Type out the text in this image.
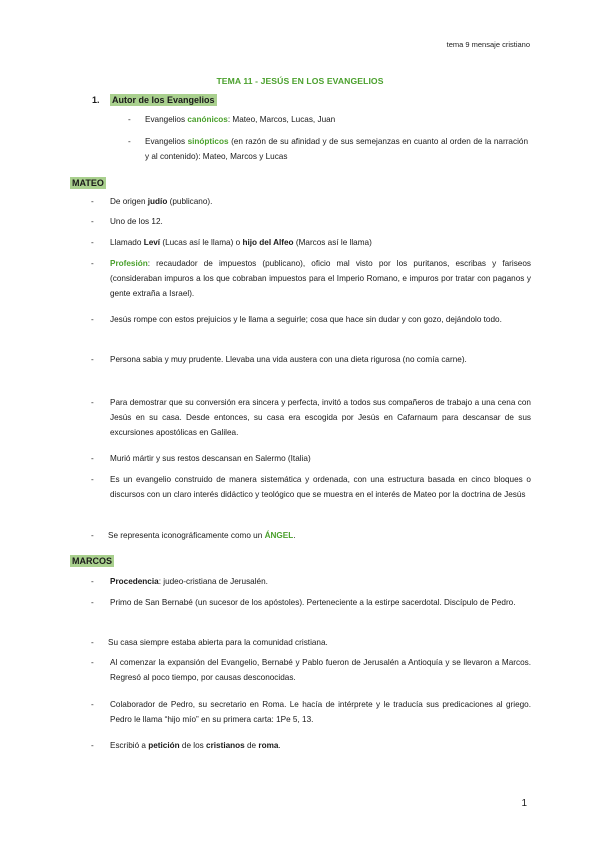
tema 9 mensaje cristiano
TEMA 11 - JESÚS EN LOS EVANGELIOS
1. Autor de los Evangelios
- Evangelios canónicos: Mateo, Marcos, Lucas, Juan
- Evangelios sinópticos (en razón de su afinidad y de sus semejanzas en cuanto al orden de la narración y al contenido): Mateo, Marcos y Lucas
MATEO
- De origen judío (publicano).
- Uno de los 12.
- Llamado Leví (Lucas así le llama) o hijo del Alfeo (Marcos así le llama)
- Profesión: recaudador de impuestos (publicano), oficio mal visto por los puritanos, escribas y fariseos (consideraban impuros a los que cobraban impuestos para el Imperio Romano, e impuros por tratar con paganos y gente extraña a Israel).
- Jesús rompe con estos prejuicios y le llama a seguirle; cosa que hace sin dudar y con gozo, dejándolo todo.
- Persona sabia y muy prudente. Llevaba una vida austera con una dieta rigurosa (no comía carne).
- Para demostrar que su conversión era sincera y perfecta, invitó a todos sus compañeros de trabajo a una cena con Jesús en su casa. Desde entonces, su casa era escogida por Jesús en Cafarnaum para descansar de sus excursiones apostólicas en Galilea.
- Murió mártir y sus restos descansan en Salermo (Italia)
- Es un evangelio construido de manera sistemática y ordenada, con una estructura basada en cinco bloques o discursos con un claro interés didáctico y teológico que se muestra en el interés de Mateo por la doctrina de Jesús
- Se representa iconográficamente como un ÁNGEL.
MARCOS
- Procedencia: judeo-cristiana de Jerusalén.
- Primo de San Bernabé (un sucesor de los apóstoles). Perteneciente a la estirpe sacerdotal. Discípulo de Pedro.
- Su casa siempre estaba abierta para la comunidad cristiana.
- Al comenzar la expansión del Evangelio, Bernabé y Pablo fueron de Jerusalén a Antioquía y se llevaron a Marcos. Regresó al poco tiempo, por causas desconocidas.
- Colaborador de Pedro, su secretario en Roma. Le hacía de intérprete y le traducía sus predicaciones al griego. Pedro le llama “hijo mío” en su primera carta: 1Pe 5, 13.
- Escribió a petición de los cristianos de roma.
1
